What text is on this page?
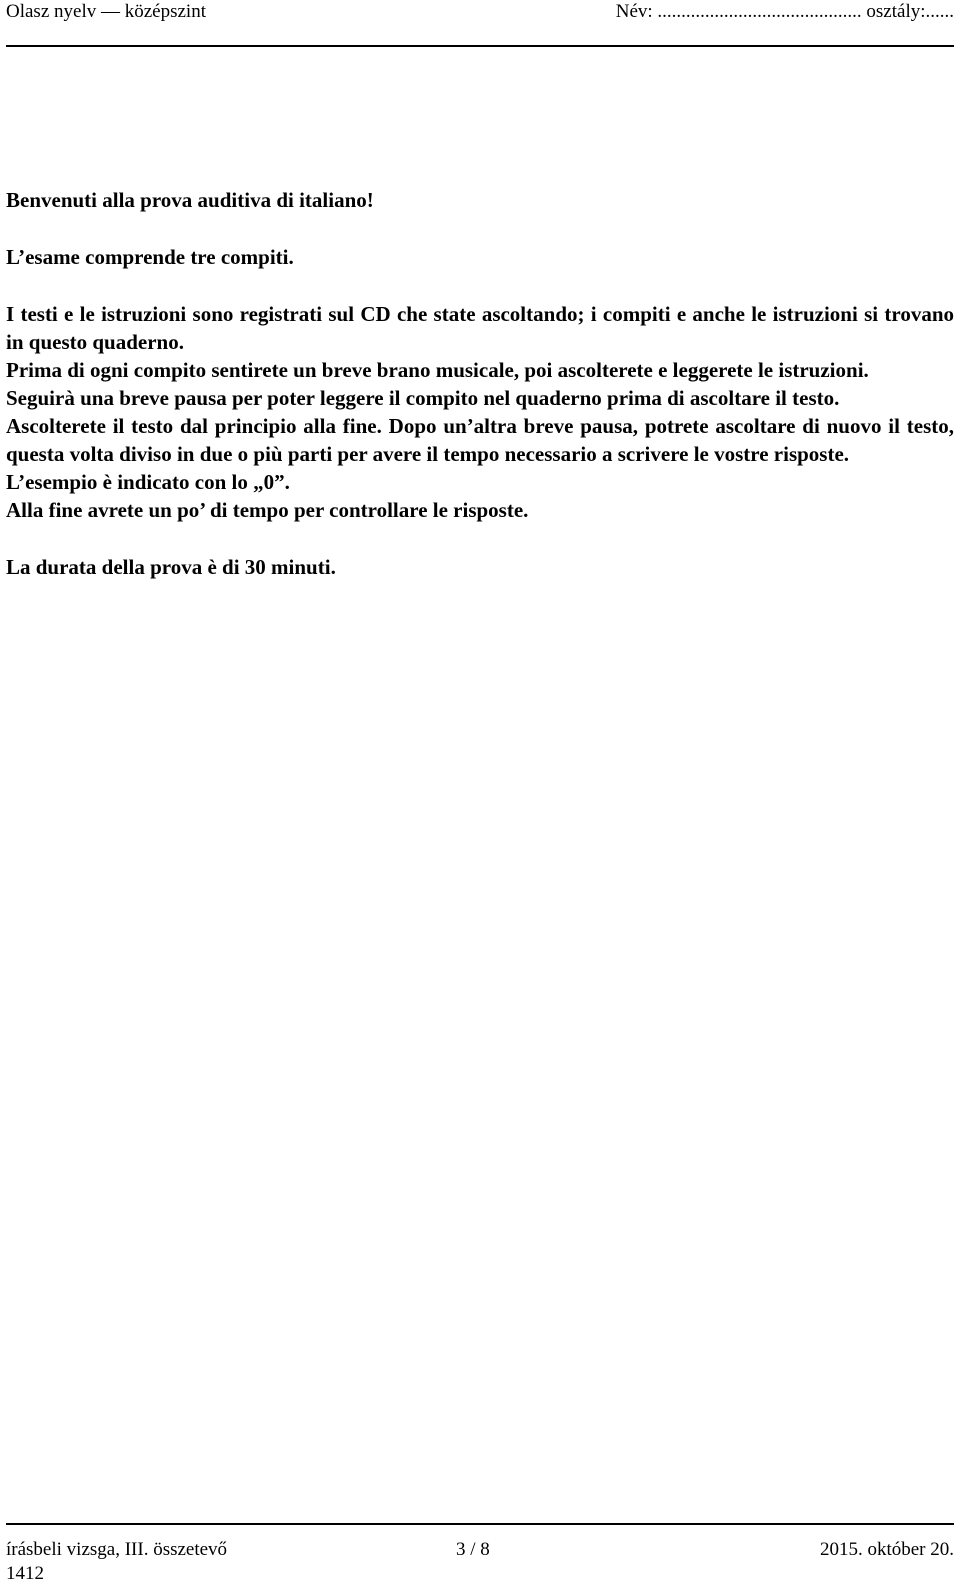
Olasz nyelv — középszint	Név: ........................................... osztály:......

Benvenuti alla prova auditiva di italiano!

L’esame comprende tre compiti.

I testi e le istruzioni sono registrati sul CD che state ascoltando; i compiti e anche le istruzioni si trovano in questo quaderno.

Prima di ogni compito sentirete un breve brano musicale, poi ascolterete e leggerete le istruzioni.

Seguirà una breve pausa per poter leggere il compito nel quaderno prima di ascoltare il testo.

Ascolterete il testo dal principio alla fine. Dopo un’altra breve pausa, potrete ascoltare di nuovo il testo, questa volta diviso in due o più parti per avere il tempo necessario a scrivere le vostre risposte.

L’esempio è indicato con lo „0”.

Alla fine avrete un po’ di tempo per controllare le risposte.

La durata della prova è di 30 minuti.

írásbeli vizsga, III. összetevő	3 / 8	2015. október 20.
1412
